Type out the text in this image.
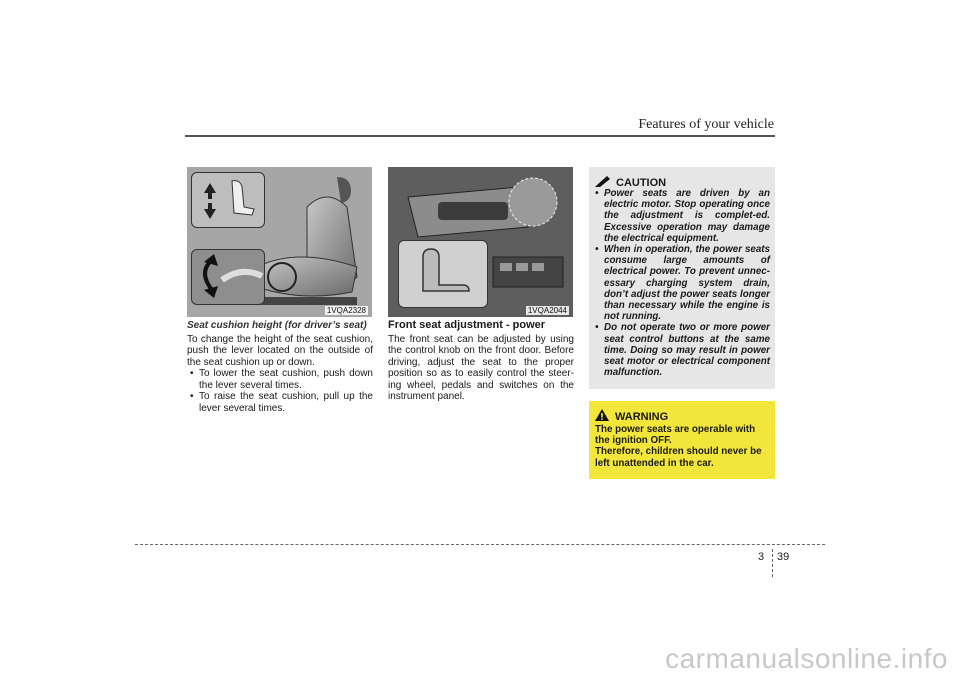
Features of your vehicle
1VQA2328	1VQA2044
Seat cushion height (for driver’s seat)

To change the height of the seat cushion, push the lever located on the outside of the seat cushion up or down.

• To lower the seat cushion, push down the lever several times.
• To raise the seat cushion, pull up the lever several times.
Front seat adjustment - power

The front seat can be adjusted by using the control knob on the front door. Before driving, adjust the seat to the proper position so as to easily control the steer-ing wheel, pedals and switches on the instrument panel.

CAUTION
• Power seats are driven by an electric motor. Stop operating once the adjustment is complet-ed. Excessive operation may damage the electrical equipment.
• When in operation, the power seats consume large amounts of electrical power. To prevent unnec-essary charging system drain, don’t adjust the power seats longer than necessary while the engine is not running.
• Do not operate two or more power seat control buttons at the same time. Doing so may result in power seat motor or electrical component malfunction.
WARNING

The power seats are operable with the ignition OFF.

Therefore, children should never be left unattended in the car.

3 39
carmanualsonline.info
